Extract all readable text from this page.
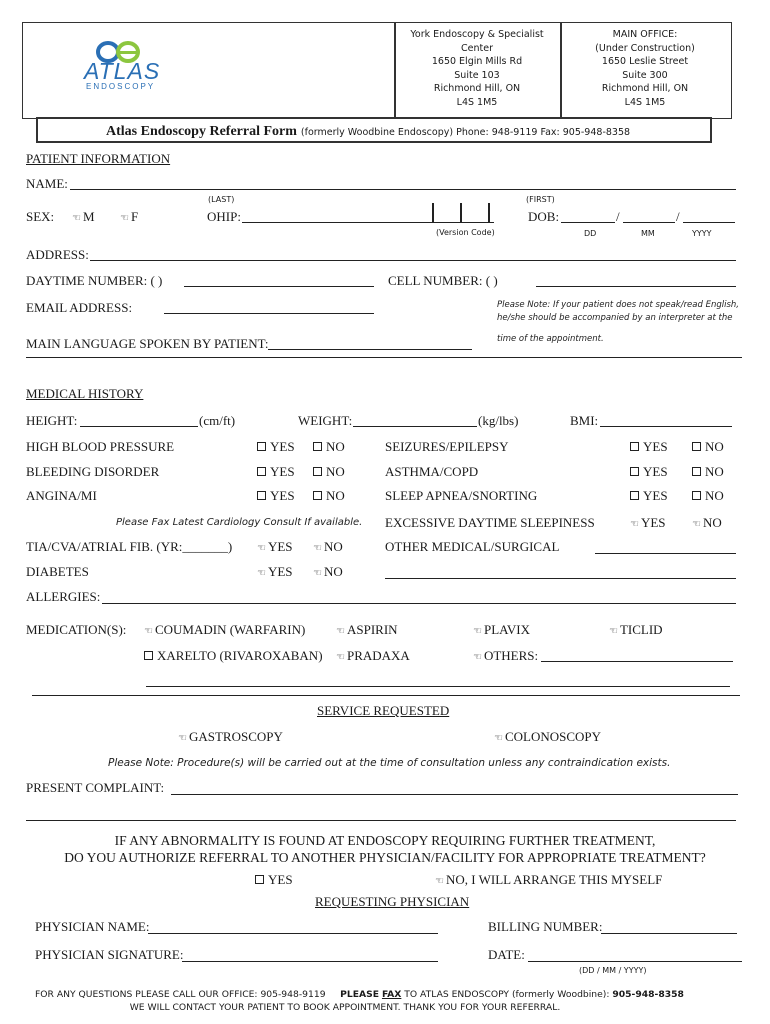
ATLAS
ENDOSCOPY
York Endoscopy & Specialist
Center
1650 Elgin Mills Rd
Suite 103
Richmond Hill, ON
L4S 1M5
MAIN OFFICE:
(Under Construction)
1650 Leslie Street
Suite 300
Richmond Hill, ON
L4S 1M5
Atlas Endoscopy Referral Form (formerly Woodbine Endoscopy) Phone: 948-9119 Fax: 905-948-8358
PATIENT INFORMATION
NAME:
(LAST)	(FIRST)
SEX: ☜ M	☜ F	OHIP:
(Version Code)
DOB:	/	/
DD	MM	YYYY
ADDRESS:
DAYTIME NUMBER: ( )	CELL NUMBER: ( )
EMAIL ADDRESS:	Please Note: If your patient does not speak/read English,
he/she should be accompanied by an interpreter at the
time of the appointment.
MAIN LANGUAGE SPOKEN BY PATIENT:
MEDICAL HISTORY
HEIGHT:	(cm/ft)	WEIGHT:	(kg/lbs)	BMI:
HIGH BLOOD PRESSURE	YES	NO
BLEEDING DISORDER	YES	NO
ANGINA/MI	YES	NO
SEIZURES/EPILEPSY	YES	NO
ASTHMA/COPD	YES	NO
SLEEP APNEA/SNORTING	YES	NO
Please Fax Latest Cardiology Consult If available. EXCESSIVE DAYTIME SLEEPINESS	☜ YES	☜ NO
TIA/CVA/ATRIAL FIB. (YR:_______) ☜ YES ☜ NO	OTHER MEDICAL/SURGICAL
DIABETES	☜ YES ☜ NO
ALLERGIES:
MEDICATION(S): ☜ COUMADIN (WARFARIN)	☜ ASPIRIN	☜ PLAVIX	☜ TICLID
XARELTO (RIVAROXABAN) ☜ PRADAXA	☜ OTHERS:
SERVICE REQUESTED
☜ GASTROSCOPY	☜ COLONOSCOPY
Please Note: Procedure(s) will be carried out at the time of consultation unless any contraindication exists.
PRESENT COMPLAINT:
IF ANY ABNORMALITY IS FOUND AT ENDOSCOPY REQUIRING FURTHER TREATMENT,
DO YOU AUTHORIZE REFERRAL TO ANOTHER PHYSICIAN/FACILITY FOR APPROPRIATE TREATMENT?
YES	☜ NO, I WILL ARRANGE THIS MYSELF
REQUESTING PHYSICIAN
PHYSICIAN NAME:	BILLING NUMBER:
PHYSICIAN SIGNATURE:	DATE:
(DD / MM / YYYY)
FOR ANY QUESTIONS PLEASE CALL OUR OFFICE: 905-948-9119 PLEASE FAX TO ATLAS ENDOSCOPY (formerly Woodbine): 905-948-8358
WE WILL CONTACT YOUR PATIENT TO BOOK APPOINTMENT. THANK YOU FOR YOUR REFERRAL.
